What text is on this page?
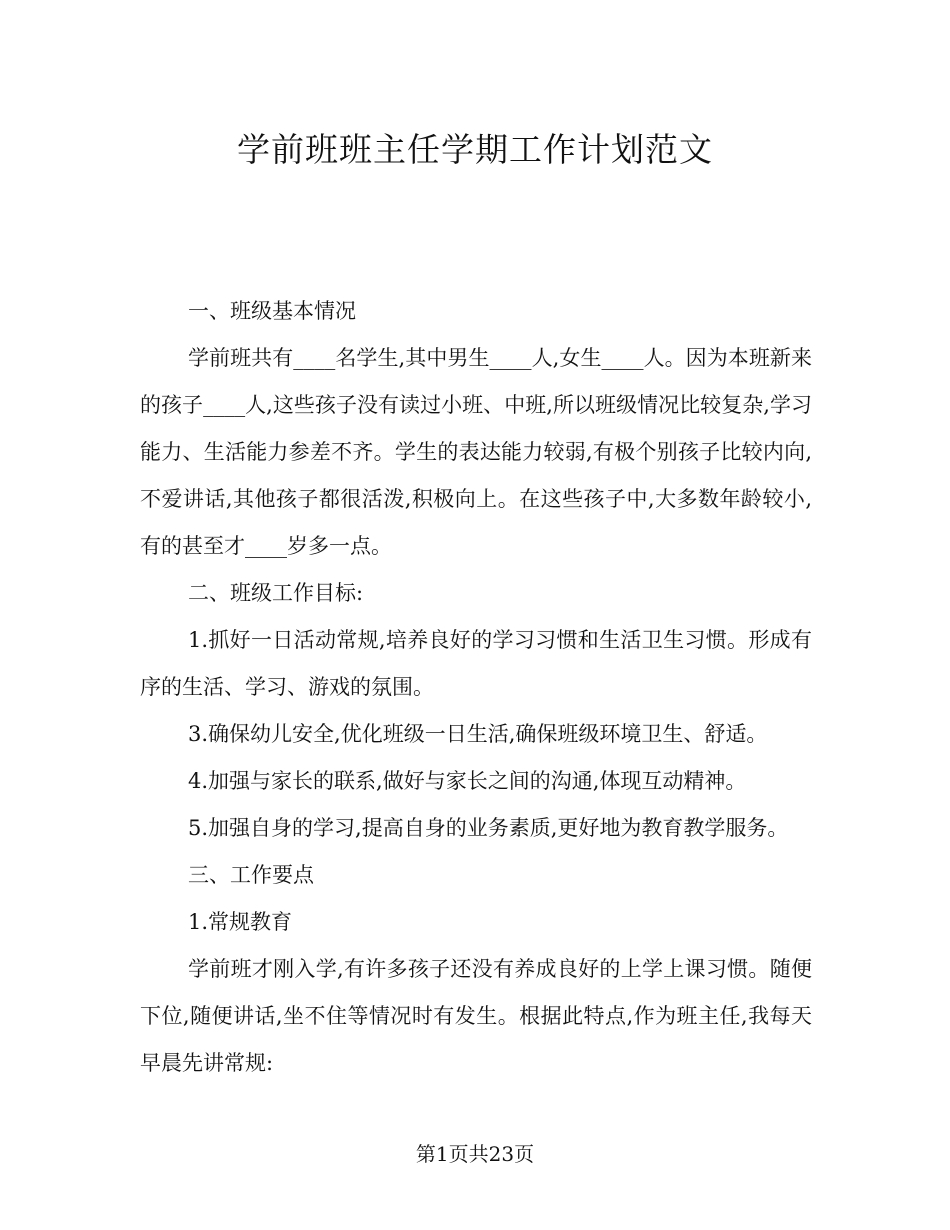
学前班班主任学期工作计划范文

一、班级基本情况

学前班共有____名学生,其中男生____人,女生____人。因为本班新来的孩子____人,这些孩子没有读过小班、中班,所以班级情况比较复杂,学习能力、生活能力参差不齐。学生的表达能力较弱,有极个别孩子比较内向,不爱讲话,其他孩子都很活泼,积极向上。在这些孩子中,大多数年龄较小,有的甚至才____岁多一点。

二、班级工作目标:

1.抓好一日活动常规,培养良好的学习习惯和生活卫生习惯。形成有序的生活、学习、游戏的氛围。

3.确保幼儿安全,优化班级一日生活,确保班级环境卫生、舒适。

4.加强与家长的联系,做好与家长之间的沟通,体现互动精神。

5.加强自身的学习,提高自身的业务素质,更好地为教育教学服务。

三、工作要点

1.常规教育

学前班才刚入学,有许多孩子还没有养成良好的上学上课习惯。随便下位,随便讲话,坐不住等情况时有发生。根据此特点,作为班主任,我每天早晨先讲常规:

第1页共23页
